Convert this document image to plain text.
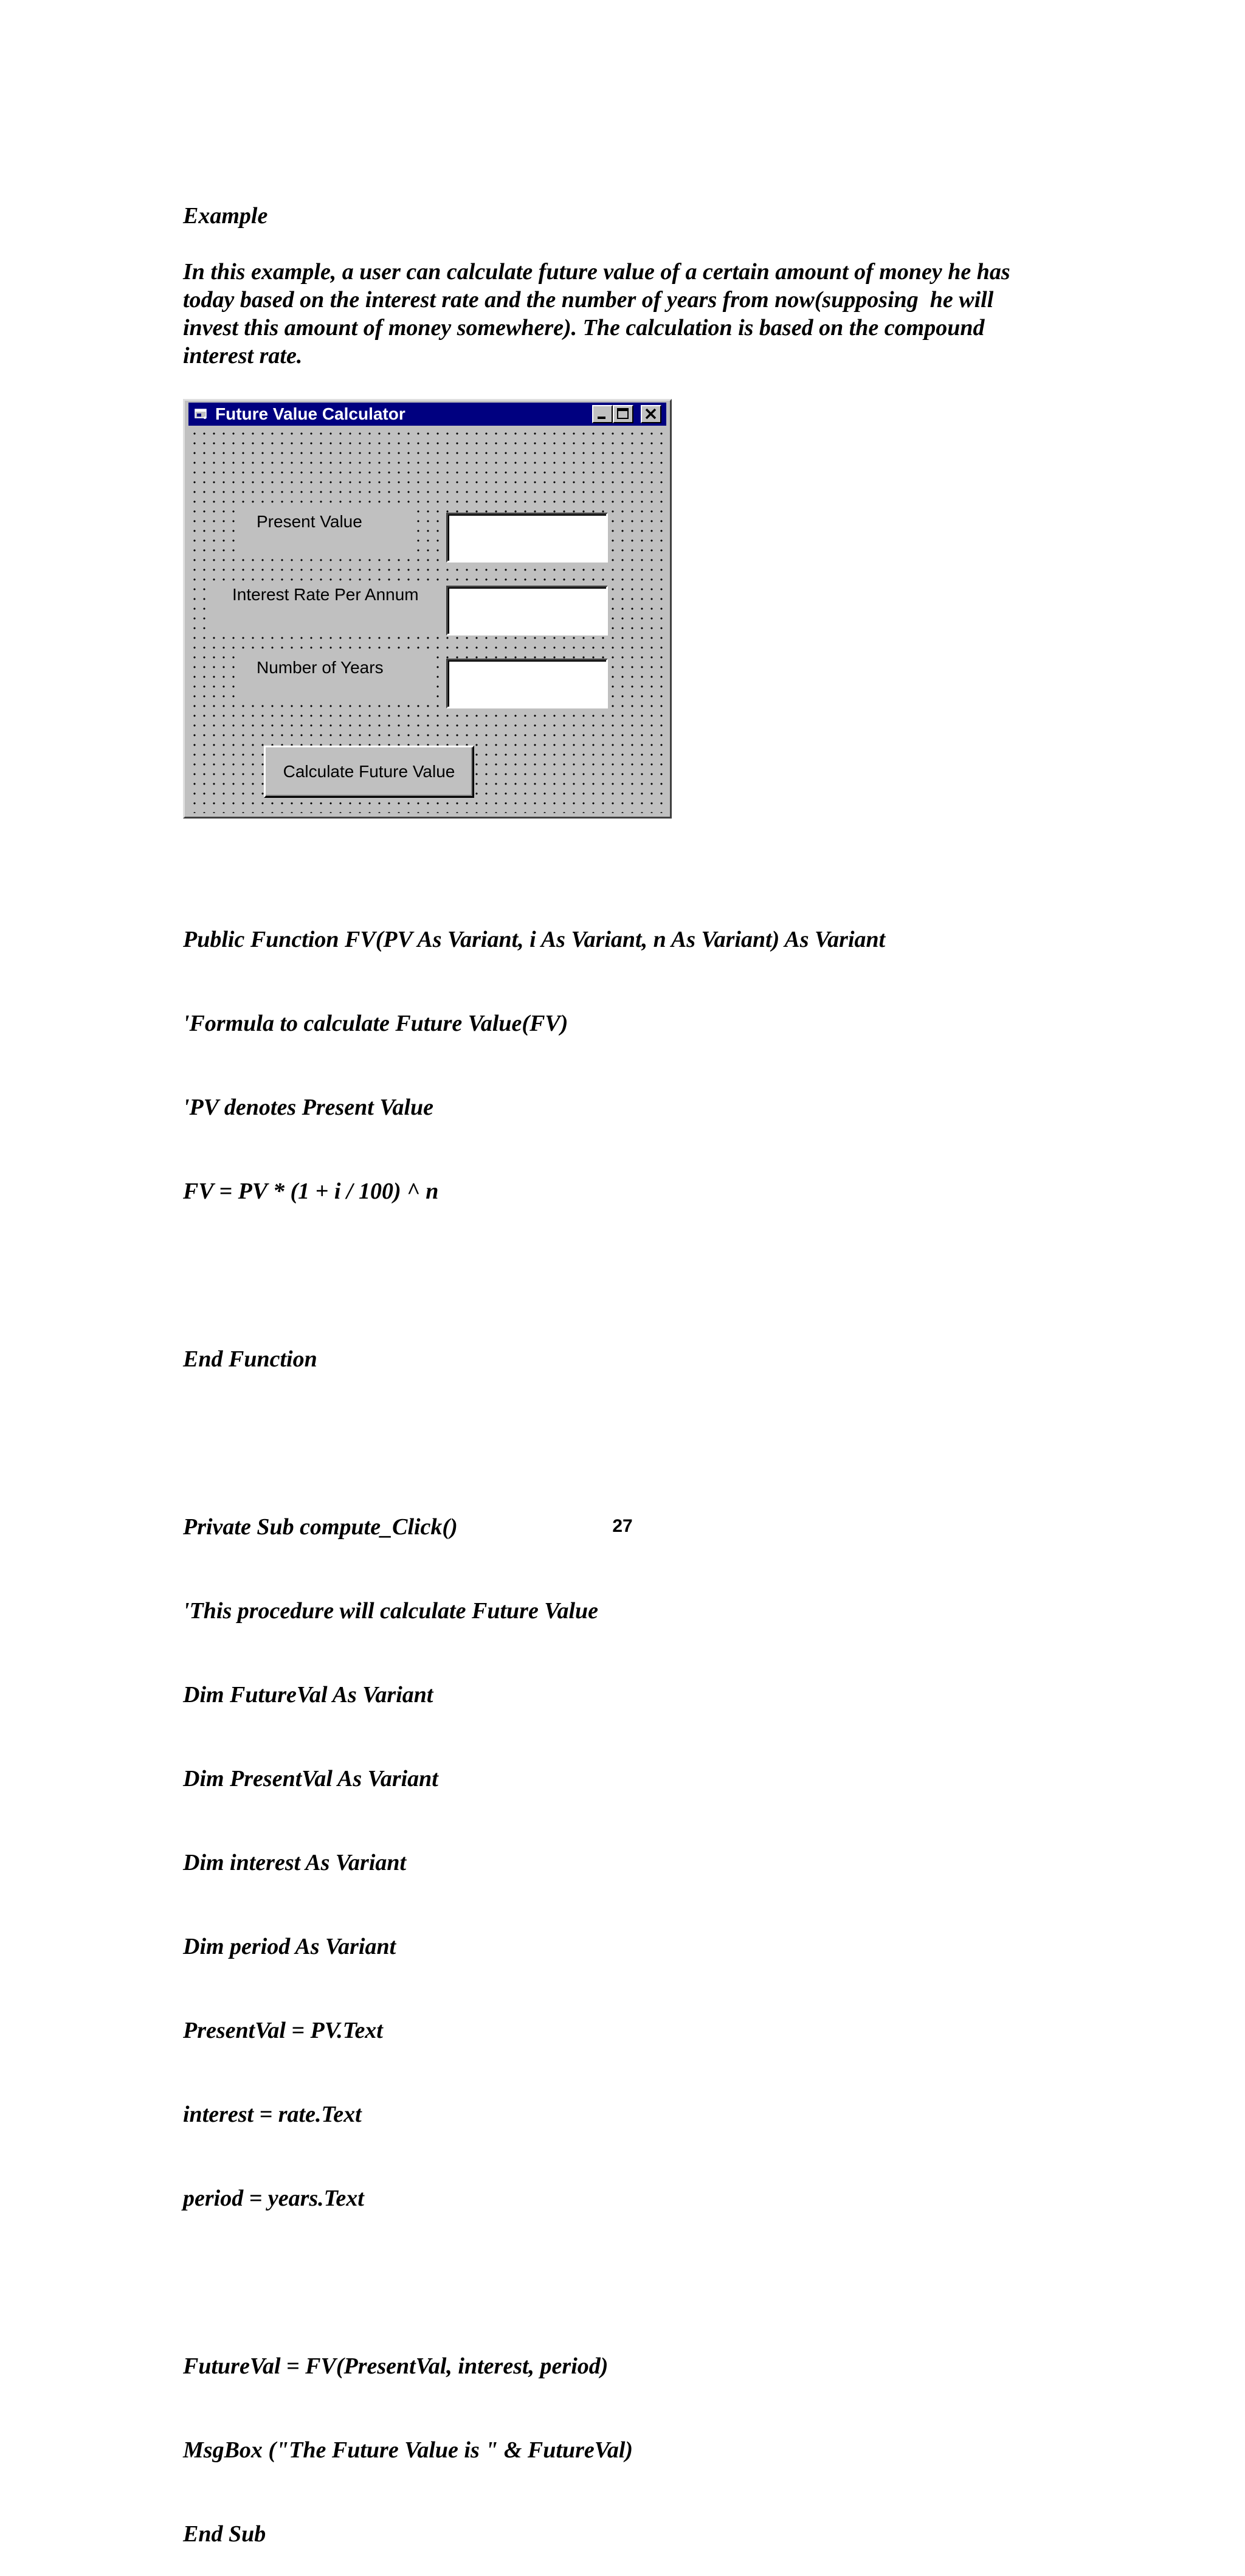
Example
In this example, a user can calculate future value of a certain amount of money he has
today based on the interest rate and the number of years from now(supposing  he will
invest this amount of money somewhere). The calculation is based on the compound
interest rate.
Future Value Calculator
Present Value
Interest Rate Per Annum
Number of Years
Calculate Future Value

Public Function FV(PV As Variant, i As Variant, n As Variant) As Variant

'Formula to calculate Future Value(FV)

'PV denotes Present Value

FV = PV * (1 + i / 100) ^ n

End Function

Private Sub compute_Click()

'This procedure will calculate Future Value

Dim FutureVal As Variant

Dim PresentVal As Variant

Dim interest As Variant

Dim period As Variant

PresentVal = PV.Text

interest = rate.Text

period = years.Text

FutureVal = FV(PresentVal, interest, period)

MsgBox ("The Future Value is " & FutureVal)

End Sub

27
